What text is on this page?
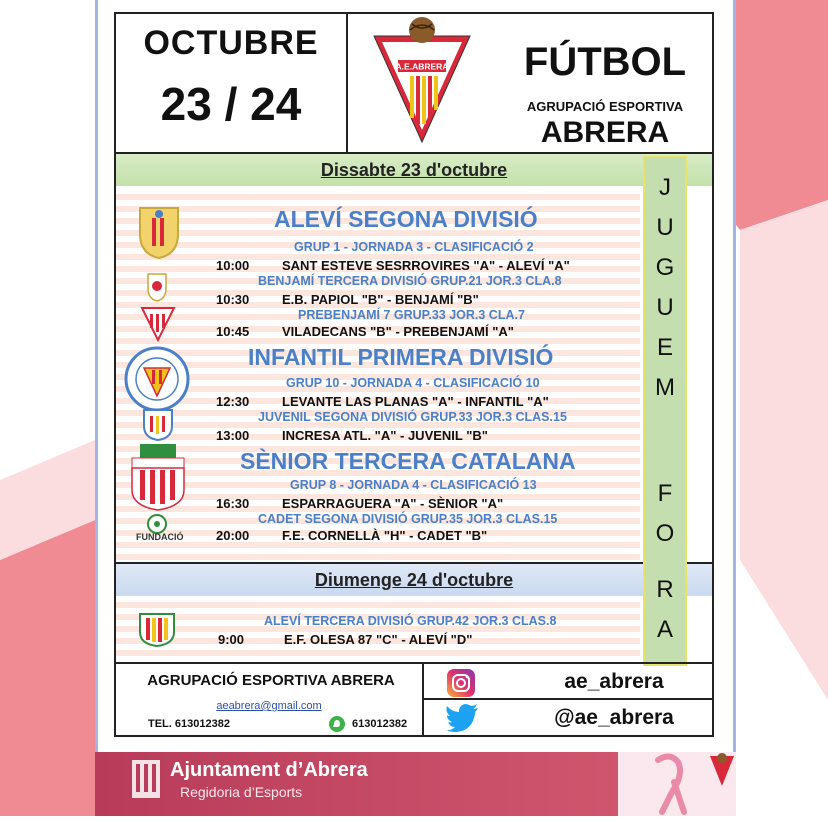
OCTUBRE
23 / 24
A.E.ABRERA	FÚTBOL
AGRUPACIÓ ESPORTIVA
ABRERA
Dissabte 23 d'octubre
ALEVÍ SEGONA DIVISIÓ
GRUP 1 - JORNADA 3 - CLASIFICACIÓ 2
10:00	SANT ESTEVE SESRROVIRES "A" - ALEVÍ "A"
BENJAMÍ TERCERA DIVISIÓ GRUP.21 JOR.3 CLA.8
10:30	E.B. PAPIOL "B" - BENJAMÍ "B"
PREBENJAMÍ 7 GRUP.33 JOR.3 CLA.7
10:45	VILADECANS "B" - PREBENJAMÍ "A"
INFANTIL PRIMERA DIVISIÓ
GRUP 10 - JORNADA 4 - CLASIFICACIÓ 10
12:30	LEVANTE LAS PLANAS "A" - INFANTIL "A"
JUVENIL SEGONA DIVISIÓ GRUP.33 JOR.3 CLAS.15
13:00	INCRESA ATL. "A" - JUVENIL "B"
SÈNIOR TERCERA CATALANA
GRUP 8 - JORNADA 4 - CLASIFICACIÓ 13
16:30	ESPARRAGUERA "A" - SÈNIOR "A"
FUNDACIÓ
CADET SEGONA DIVISIÓ GRUP.35 JOR.3 CLAS.15
20:00	F.E. CORNELLÀ "H" - CADET "B"
Diumenge 24 d'octubre
ALEVÍ TERCERA DIVISIÓ GRUP.42 JOR.3 CLAS.8
9:00	E.F. OLESA 87 "C" - ALEVÍ "D"
J
U
G
U
E
M
F
O
R
A
AGRUPACIÓ ESPORTIVA ABRERA
aeabrera@gmail.com
TEL. 613012382	613012382
ae_abrera
@ae_abrera
Ajuntament d’Abrera
Regidoria d’Esports
